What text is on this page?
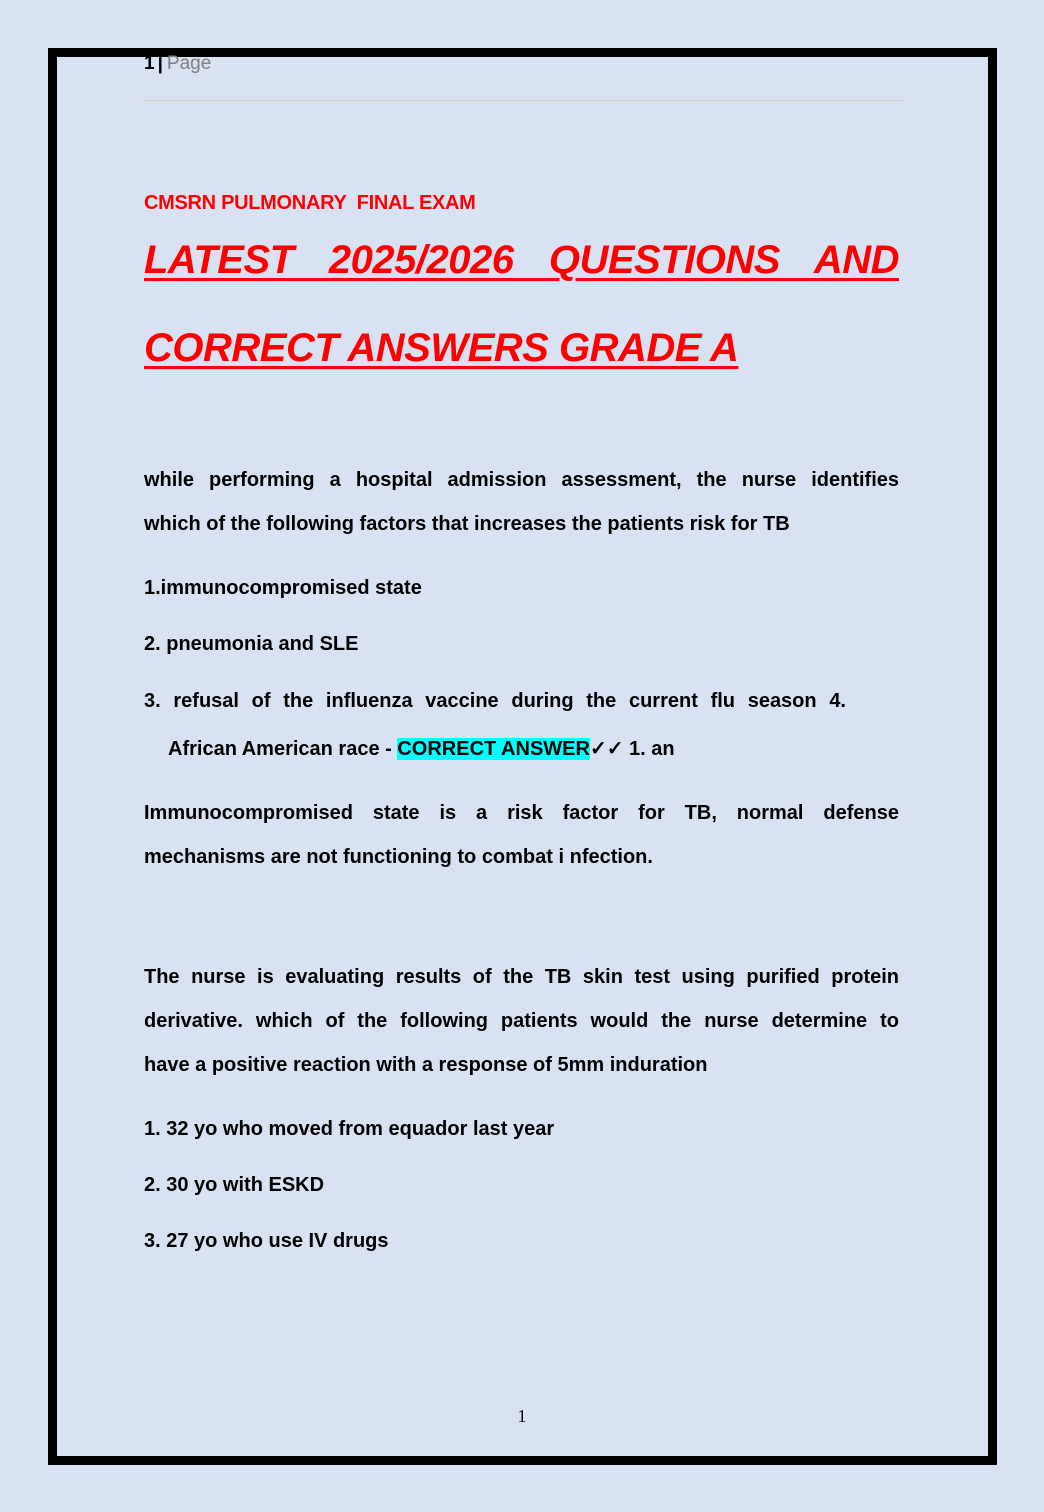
1 | Page
CMSRN PULMONARY  FINAL EXAM
LATEST 2025/2026 QUESTIONS AND
CORRECT ANSWERS GRADE A
while performing a hospital admission assessment, the nurse identifies
which of the following factors that increases the patients risk for TB
1.immunocompromised state
2. pneumonia and SLE
3. refusal of the influenza vaccine during the current flu season 4.
African American race - CORRECT ANSWER✓✓ 1. an
Immunocompromised state is a risk factor for TB, normal defense
mechanisms are not functioning to combat i nfection.
The nurse is evaluating results of the TB skin test using purified protein
derivative. which of the following patients would the nurse determine to
have a positive reaction with a response of 5mm induration
1. 32 yo who moved from equador last year
2. 30 yo with ESKD
3. 27 yo who use IV drugs
1
